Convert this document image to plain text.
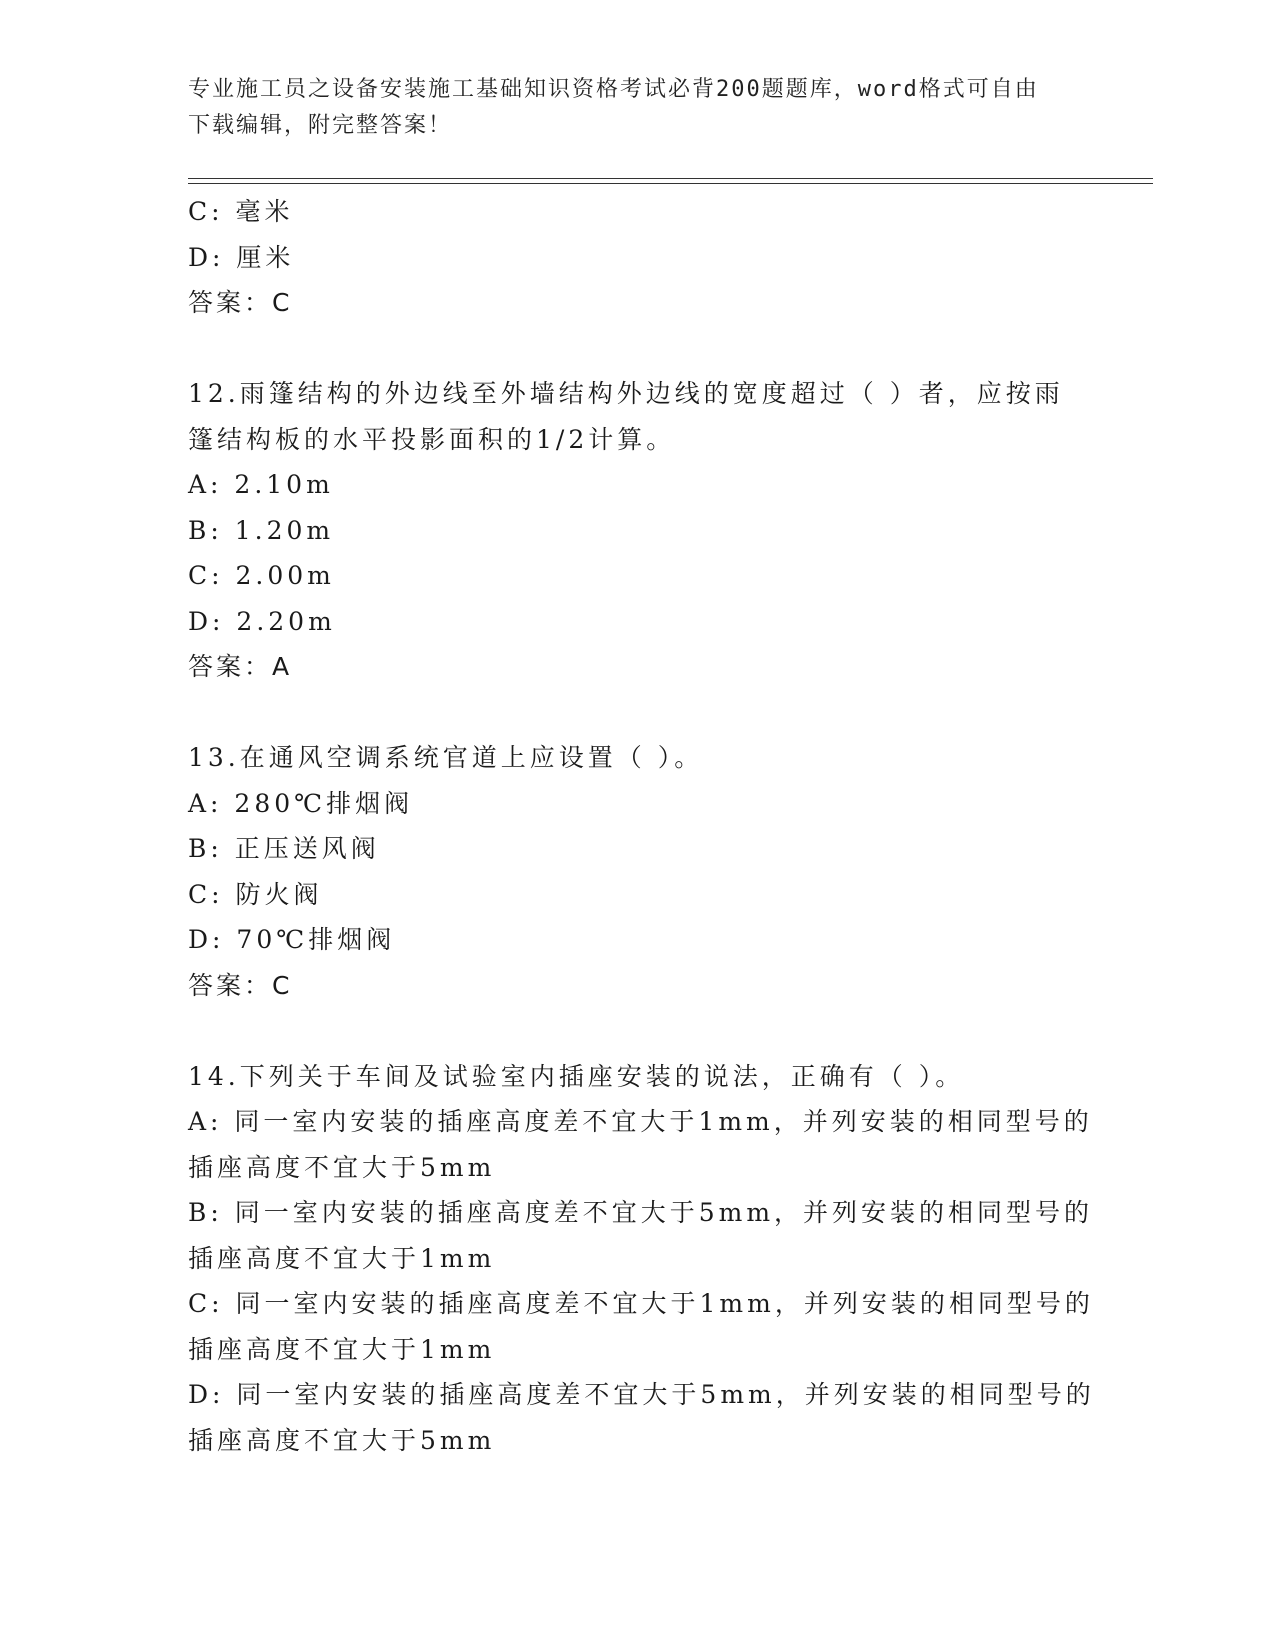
专业施工员之设备安装施工基础知识资格考试必背200题题库，word格式可自由
下载编辑，附完整答案！
C: 毫米
D: 厘米
答案：C
12.雨篷结构的外边线至外墙结构外边线的宽度超过（ ）者，应按雨
篷结构板的水平投影面积的1/2计算。
A: 2.10m
B: 1.20m
C: 2.00m
D: 2.20m
答案：A
13.在通风空调系统官道上应设置（ ）。
A: 280℃排烟阀
B: 正压送风阀
C: 防火阀
D: 70℃排烟阀
答案：C
14.下列关于车间及试验室内插座安装的说法，正确有（ ）。
A: 同一室内安装的插座高度差不宜大于1mm，并列安装的相同型号的
插座高度不宜大于5mm
B: 同一室内安装的插座高度差不宜大于5mm，并列安装的相同型号的
插座高度不宜大于1mm
C: 同一室内安装的插座高度差不宜大于1mm，并列安装的相同型号的
插座高度不宜大于1mm
D: 同一室内安装的插座高度差不宜大于5mm，并列安装的相同型号的
插座高度不宜大于5mm
